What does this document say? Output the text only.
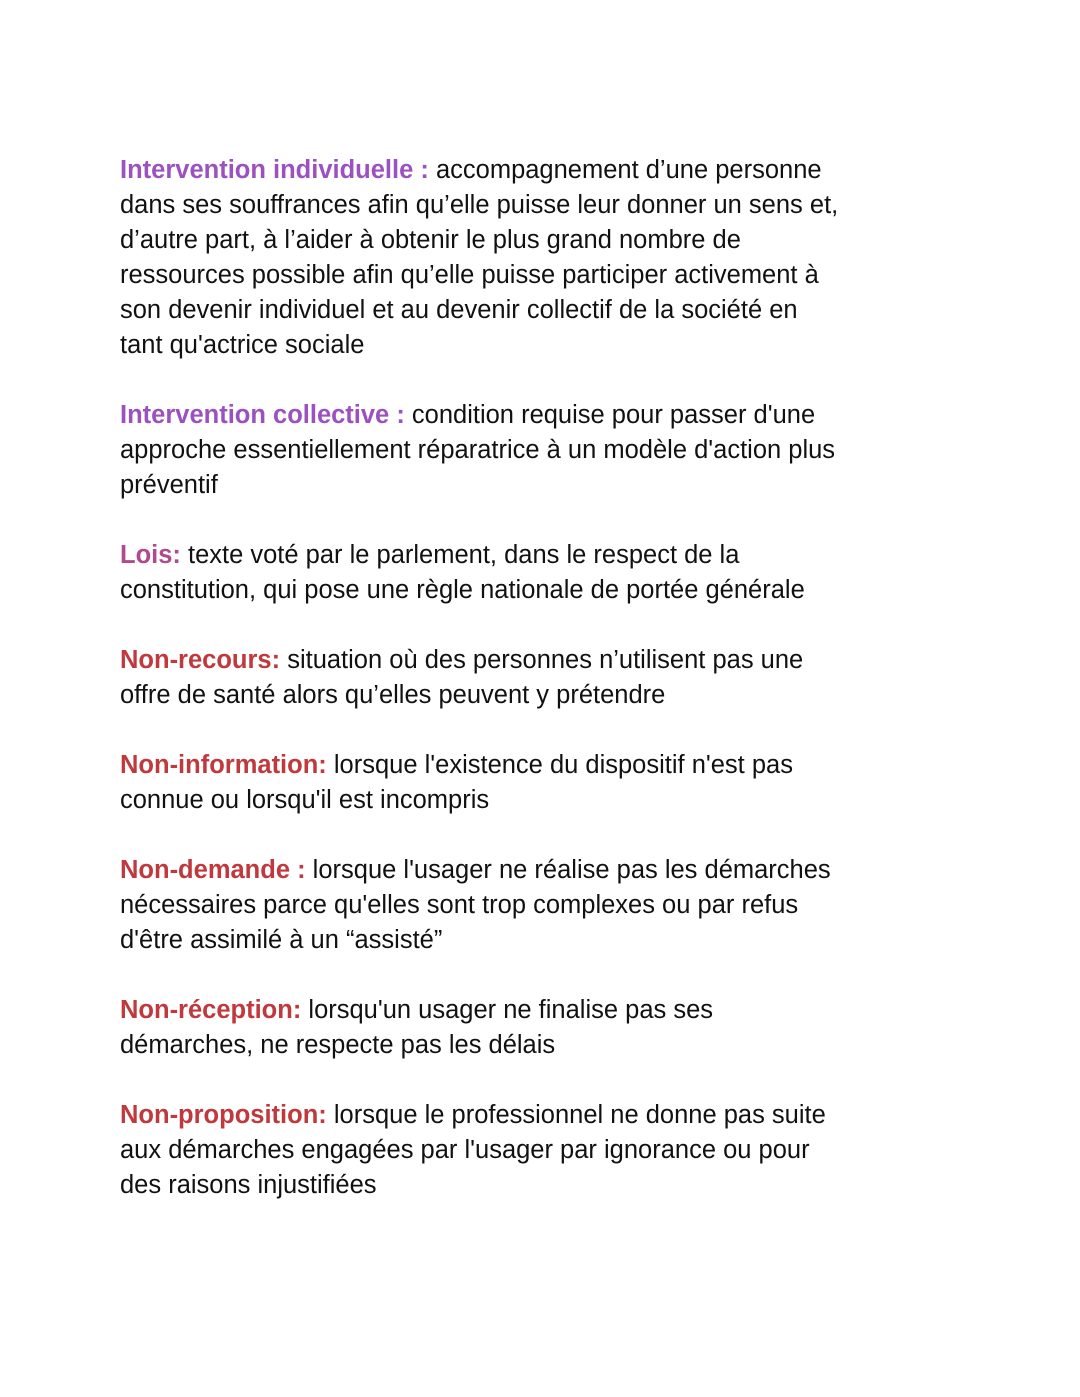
Intervention individuelle : accompagnement d’une personne
dans ses souffrances afin qu’elle puisse leur donner un sens et,
d’autre part, à l’aider à obtenir le plus grand nombre de
ressources possible afin qu’elle puisse participer activement à
son devenir individuel et au devenir collectif de la société en
tant qu'actrice sociale
Intervention collective : condition requise pour passer d'une
approche essentiellement réparatrice à un modèle d'action plus
préventif
Lois: texte voté par le parlement, dans le respect de la
constitution, qui pose une règle nationale de portée générale
Non-recours: situation où des personnes n’utilisent pas une
offre de santé alors qu’elles peuvent y prétendre
Non-information: lorsque l'existence du dispositif n'est pas
connue ou lorsqu'il est incompris
Non-demande : lorsque l'usager ne réalise pas les démarches
nécessaires parce qu'elles sont trop complexes ou par refus
d'être assimilé à un “assisté”
Non-réception: lorsqu'un usager ne finalise pas ses
démarches, ne respecte pas les délais
Non-proposition: lorsque le professionnel ne donne pas suite
aux démarches engagées par l'usager par ignorance ou pour
des raisons injustifiées
